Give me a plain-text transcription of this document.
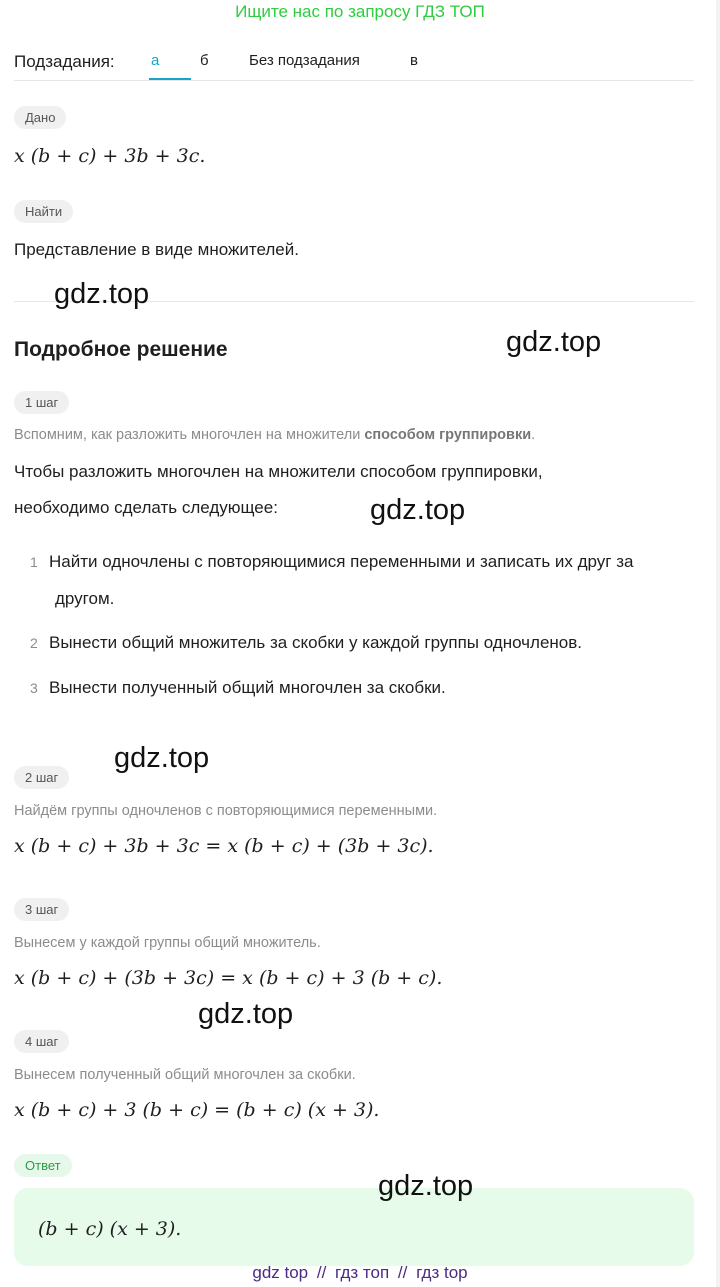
Ищите нас по запросу ГДЗ ТОП
Подзадания: а	б	Без подзадания	в
Дано
x (b + c) + 3b + 3c.
Найти
Представление в виде множителей.
gdz.top
Подробное решение	gdz.top
1 шаг
Вспомним, как разложить многочлен на множители способом группировки.
Чтобы разложить многочлен на множители способом группировки,
необходимо сделать следующее:	gdz.top
1 Найти одночлены с повторяющимися переменными и записать их друг за
другом.
2 Вынести общий множитель за скобки у каждой группы одночленов.
3 Вынести полученный общий многочлен за скобки.
gdz.top
2 шаг
Найдём группы одночленов с повторяющимися переменными.
x (b + c) + 3b + 3c = x (b + c) + (3b + 3c).
3 шаг
Вынесем у каждой группы общий множитель.
x (b + c) + (3b + 3c) = x (b + c) + 3 (b + c).
gdz.top
4 шаг
Вынесем полученный общий многочлен за скобки.
x (b + c) + 3 (b + c) = (b + c) (x + 3).
Ответ
(b + c) (x + 3).
gdz.top
gdz top // гдз топ // гдз top
